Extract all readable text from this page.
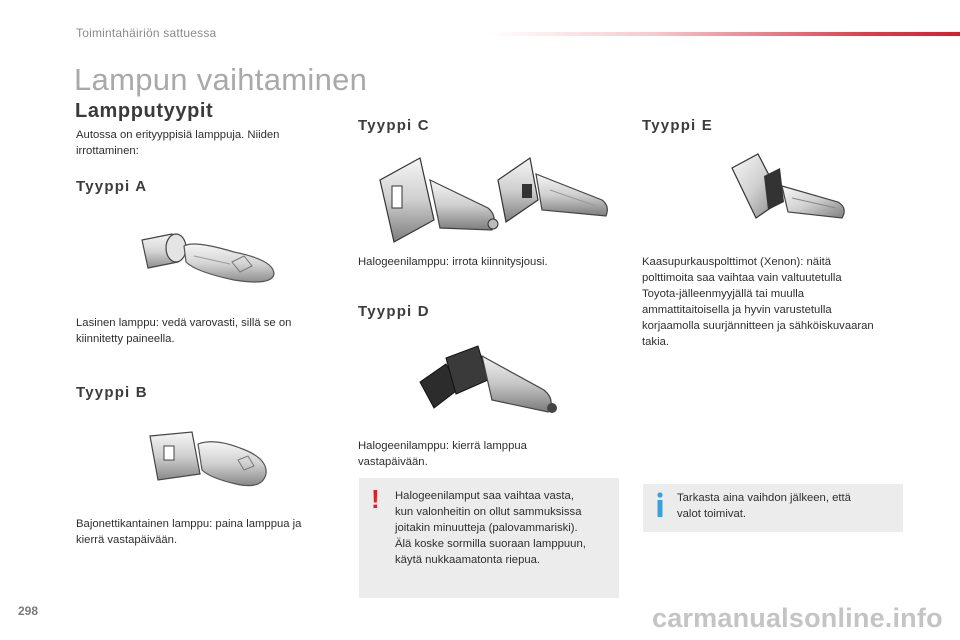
Toimintahäiriön sattuessa
Lampun vaihtaminen
Lampputyypit
Autossa on erityyppisiä lamppuja. Niiden
irrottaminen:
Tyyppi A
Lasinen lamppu: vedä varovasti, sillä se on
kiinnitetty paineella.
Tyyppi B
Bajonettikantainen lamppu: paina lamppua ja
kierrä vastapäivään.
Tyyppi C
Halogeenilamppu: irrota kiinnitysjousi.
Tyyppi D
Halogeenilamppu: kierrä lamppua
vastapäivään.
Tyyppi E
Kaasupurkauspolttimot (Xenon): näitä
polttimoita saa vaihtaa vain valtuutetulla
Toyota-jälleenmyyjällä tai muulla
ammattitaitoisella ja hyvin varustetulla
korjaamolla suurjännitteen ja sähköiskuvaaran
takia.
! Halogeenilamput saa vaihtaa vasta,
kun valonheitin on ollut sammuksissa
joitakin minuutteja (palovammariski).
Älä koske sormilla suoraan lamppuun,
käytä nukkaamatonta riepua.
Tarkasta aina vaihdon jälkeen, että
valot toimivat.
298	carmanualsonline.info
